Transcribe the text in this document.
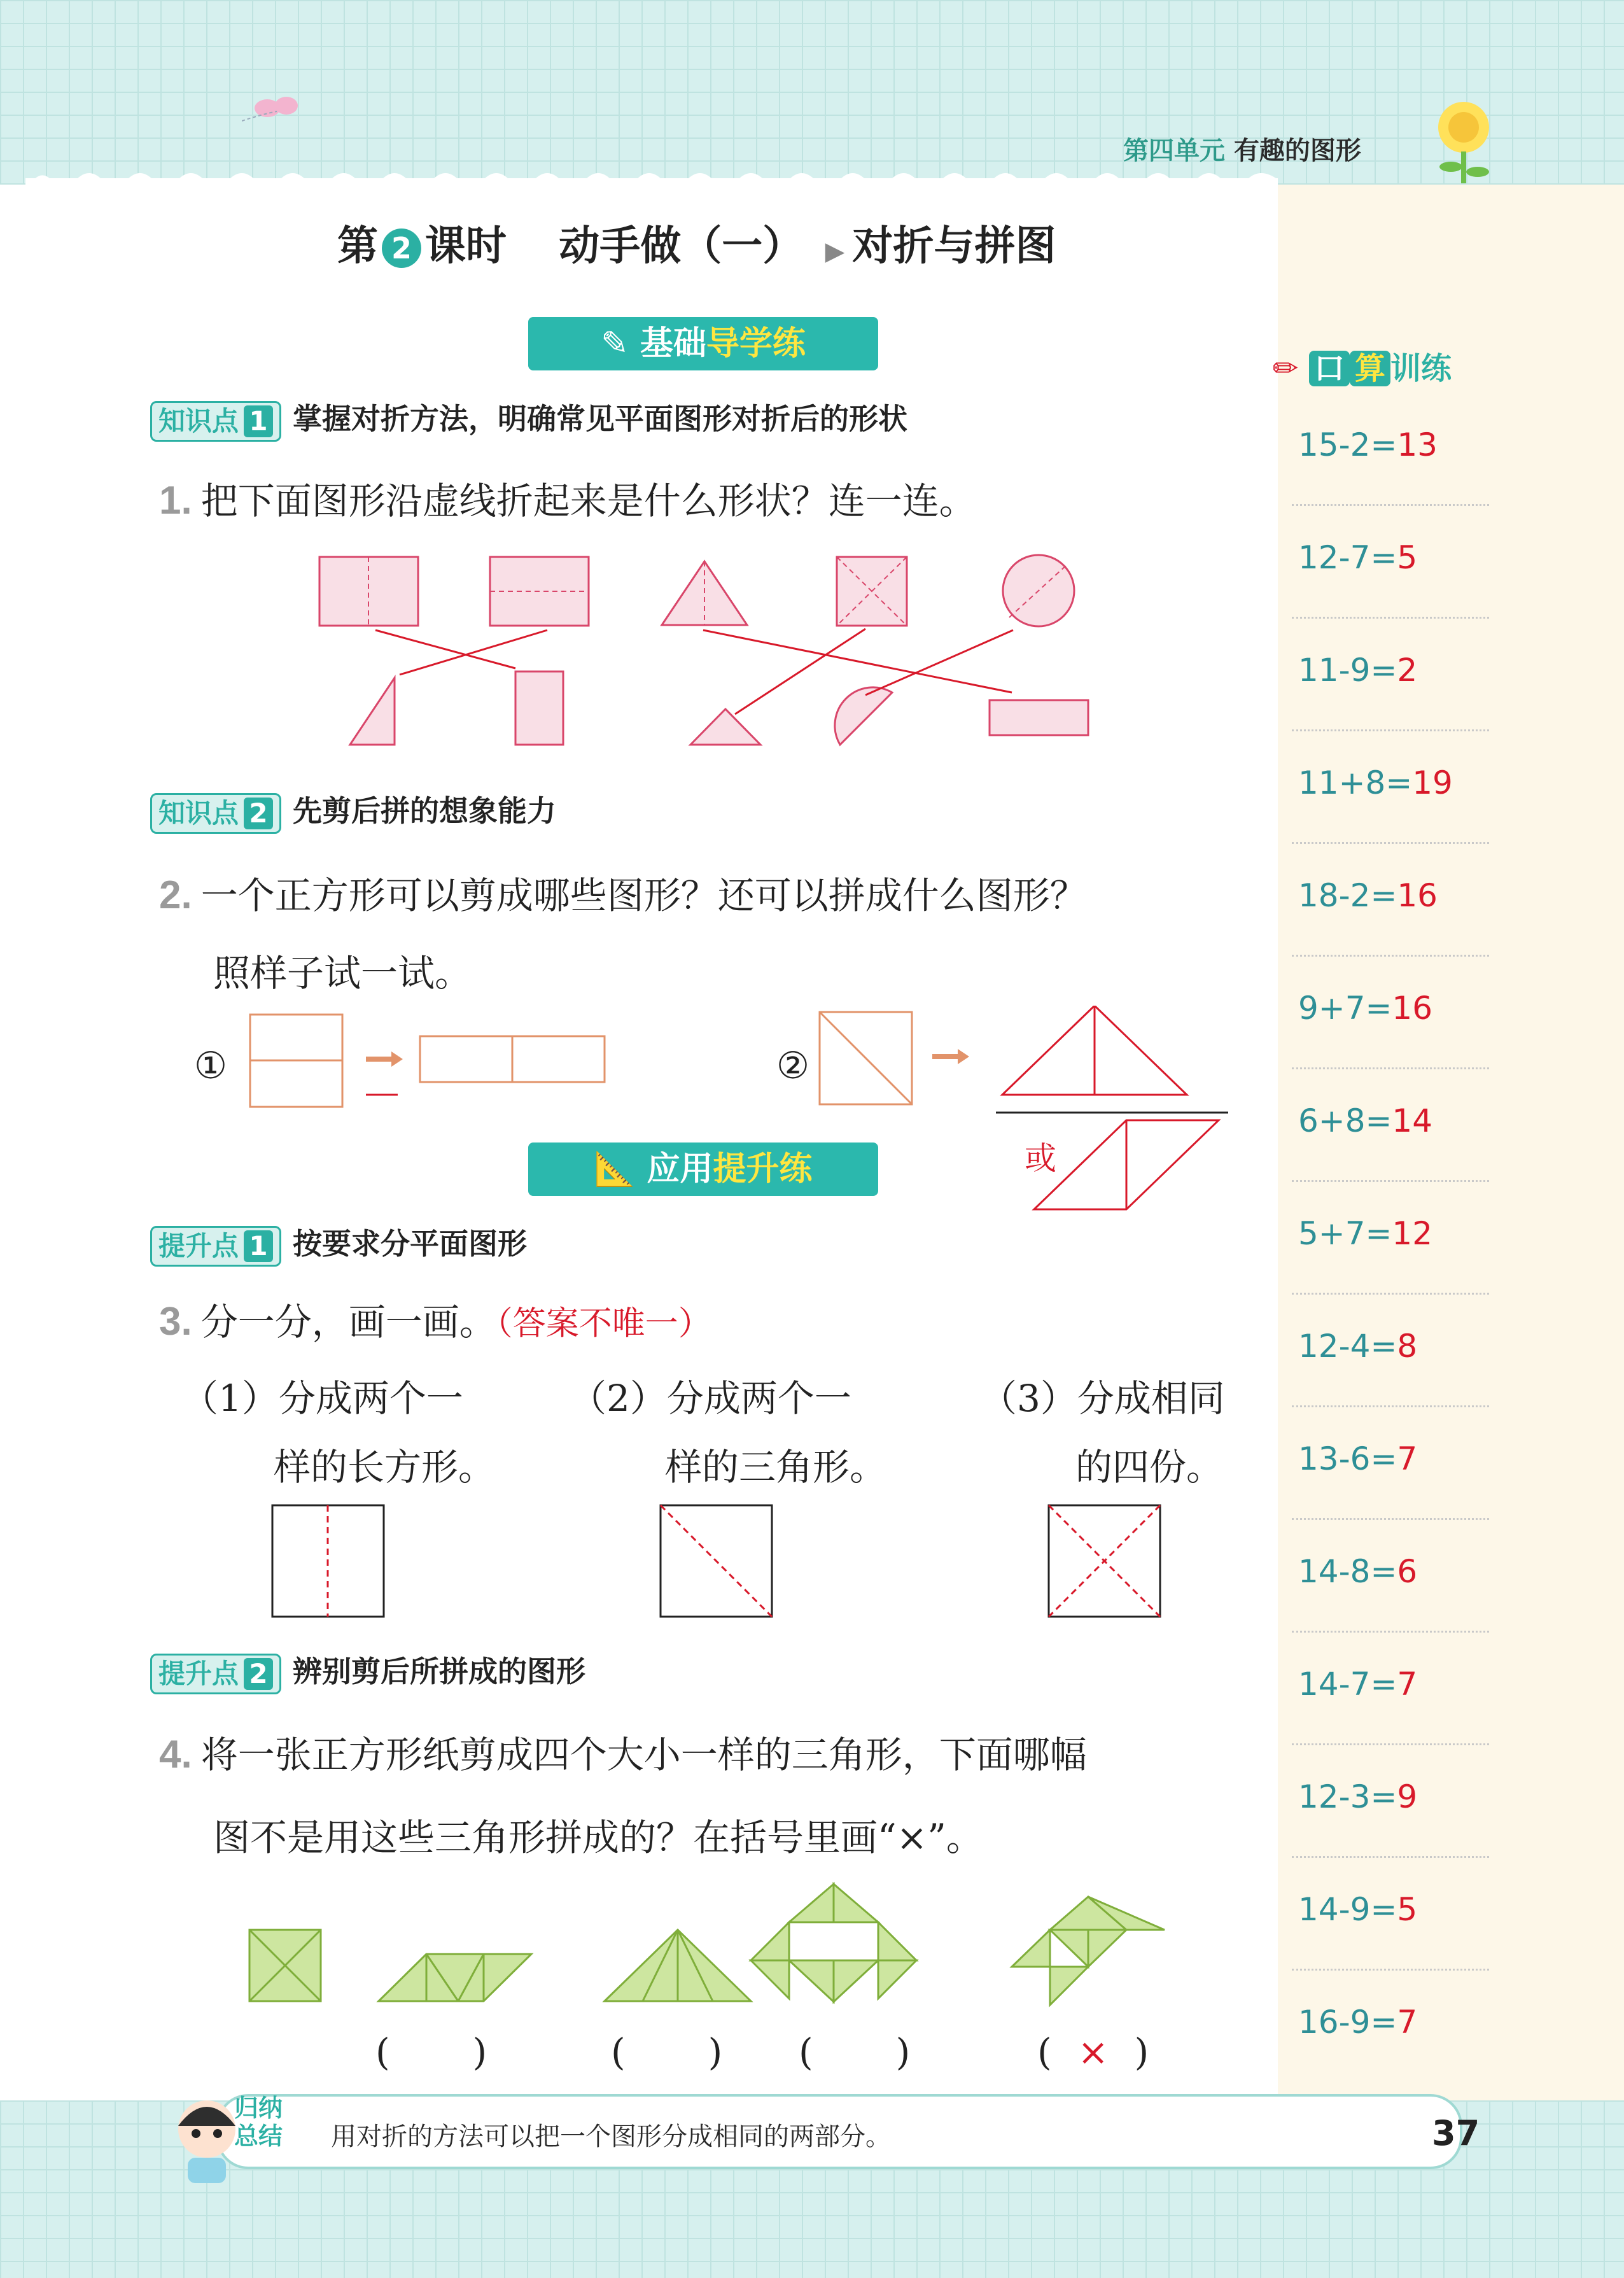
第四单元 有趣的图形
第 2 课时 动手做（一） ▶ 对折与拼图
✎ 基础导学练
知识点 1 掌握对折方法，明确常见平面图形对折后的形状
1. 把下面图形沿虚线折起来是什么形状？连一连。
知识点 2 先剪后拼的想象能力
2. 一个正方形可以剪成哪些图形？还可以拼成什么图形？
照样子试一试。
①	②
或
📐 应用提升练
提升点 1 按要求分平面图形
3. 分一分，画一画。（答案不唯一）
（1）分成两个一
样的长方形。
（2）分成两个一
样的三角形。
（3）分成相同
的四份。
提升点 2 辨别剪后所拼成的图形
4. 将一张正方形纸剪成四个大小一样的三角形，下面哪幅
图不是用这些三角形拼成的？在括号里画“×”。
( )	( ) ( )	( × )
✏ 口 算 训练
15-2=13
12-7=5
11-9=2
11+8=19
18-2=16
9+7=16
6+8=14
5+7=12
12-4=8
13-6=7
14-8=6
14-7=7
12-3=9
14-9=5
16-9=7
归纳
总结 用对折的方法可以把一个图形分成相同的两部分。	37
